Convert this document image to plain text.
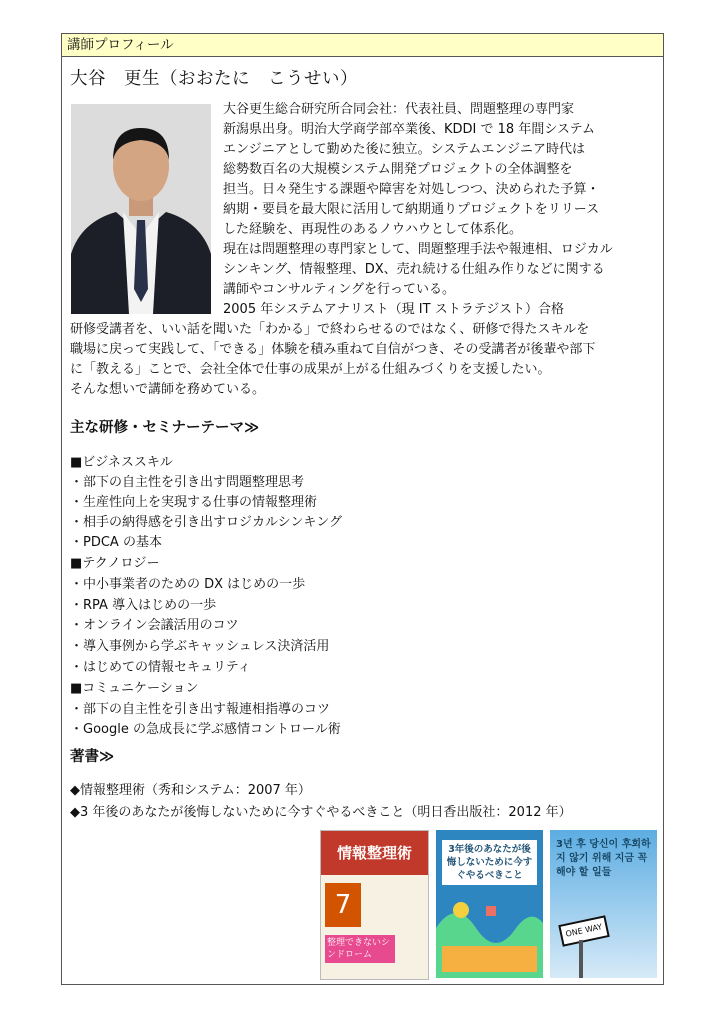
講師プロフィール
大谷　更生（おおたに　こうせい）
大谷更生総合研究所合同会社：代表社員、問題整理の専門家
新潟県出身。明治大学商学部卒業後、KDDI で 18 年間システム
エンジニアとして勤めた後に独立。システムエンジニア時代は
総勢数百名の大規模システム開発プロジェクトの全体調整を
担当。日々発生する課題や障害を対処しつつ、決められた予算・
納期・要員を最大限に活用して納期通りプロジェクトをリリース
した経験を、再現性のあるノウハウとして体系化。
現在は問題整理の専門家として、問題整理手法や報連相、ロジカル
シンキング、情報整理、DX、売れ続ける仕組み作りなどに関する
講師やコンサルティングを行っている。
2005 年システムアナリスト（現 IT ストラテジスト）合格
研修受講者を、いい話を聞いた「わかる」で終わらせるのではなく、研修で得たスキルを
職場に戻って実践して、「できる」体験を積み重ねて自信がつき、その受講者が後輩や部下
に「教える」ことで、会社全体で仕事の成果が上がる仕組みづくりを支援したい。
そんな想いで講師を務めている。
主な研修・セミナーテーマ≫
■ビジネススキル
・部下の自主性を引き出す問題整理思考
・生産性向上を実現する仕事の情報整理術
・相手の納得感を引き出すロジカルシンキング
・PDCA の基本
■テクノロジー
・中小事業者のための DX はじめの一歩
・RPA 導入はじめの一歩
・オンライン会議活用のコツ
・導入事例から学ぶキャッシュレス決済活用
・はじめての情報セキュリティ
■コミュニケーション
・部下の自主性を引き出す報連相指導のコツ
・Google の急成長に学ぶ感情コントロール術
著書≫
◆情報整理術（秀和システム：2007 年）
◆3 年後のあなたが後悔しないために今すぐやるべきこと（明日香出版社：2012 年）
情報整理術
7
整理できないシンドローム
3年後のあなたが後悔しないために今すぐやるべきこと
3년 후 당신이 후회하지 않기 위해 지금 꼭 해야 할 일들
ONE WAY
